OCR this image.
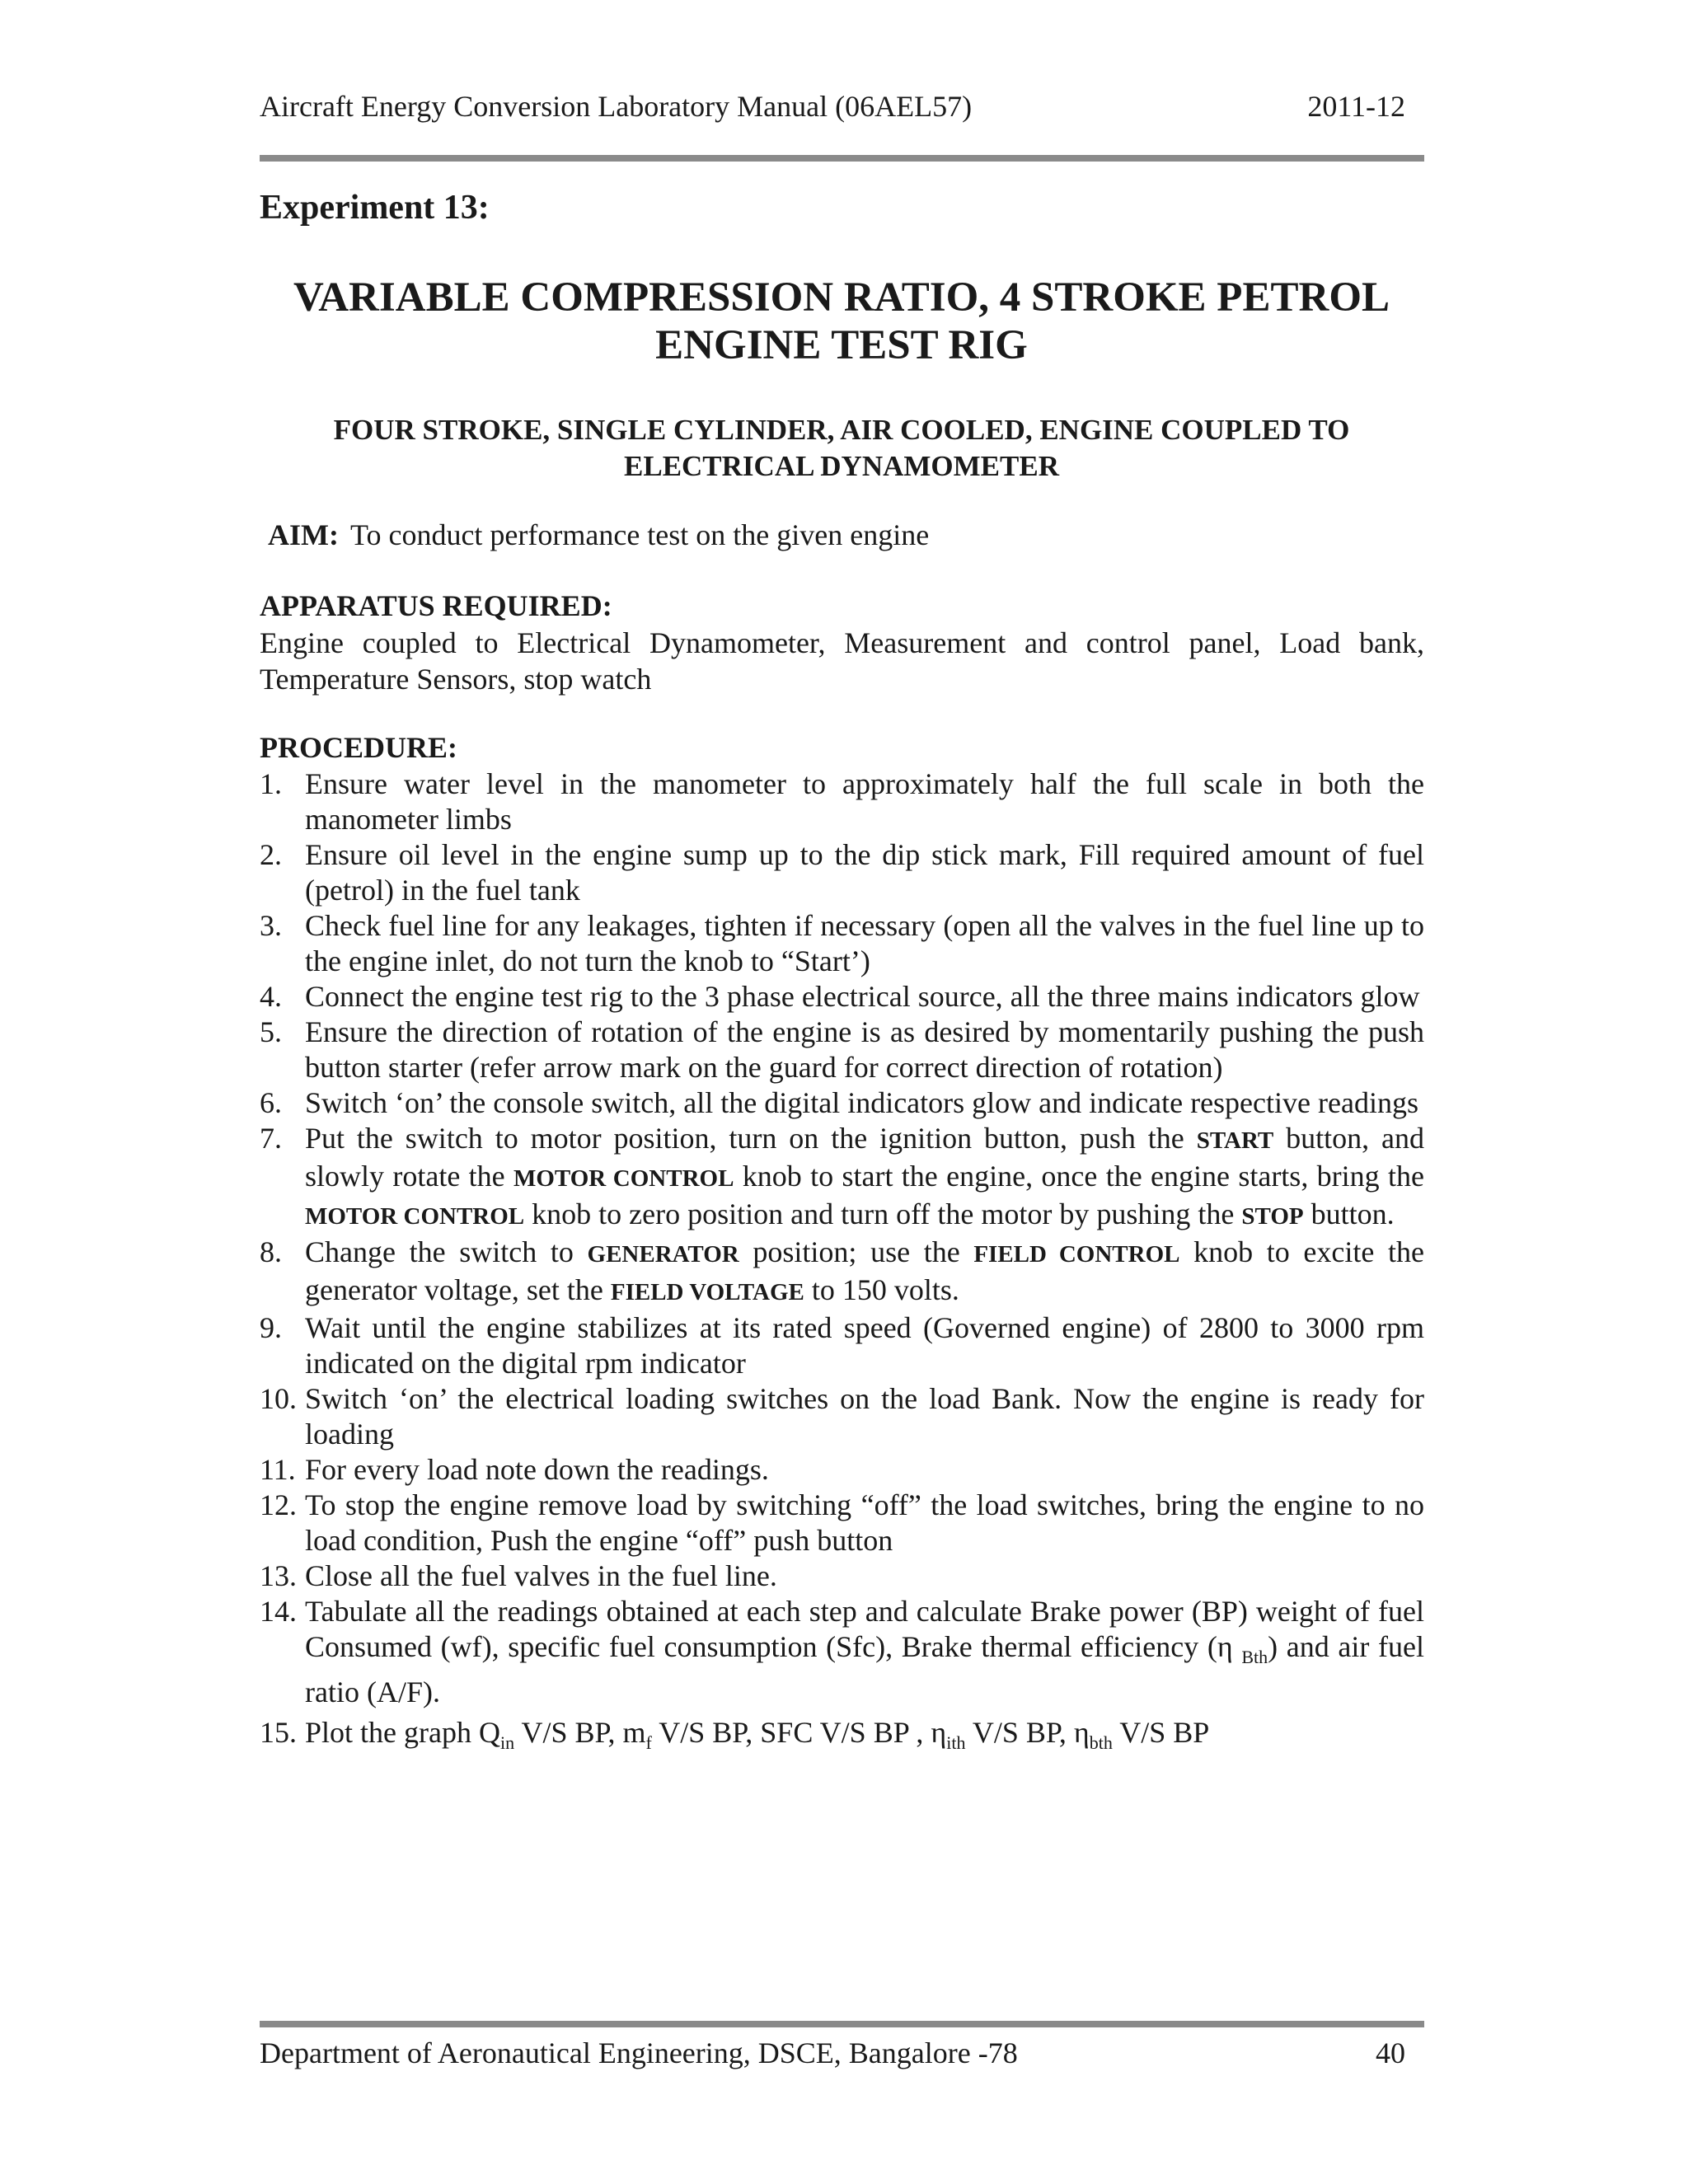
Aircraft Energy Conversion Laboratory Manual (06AEL57)	2011-12
Experiment 13:
VARIABLE COMPRESSION RATIO, 4 STROKE PETROL
ENGINE TEST RIG
FOUR STROKE, SINGLE CYLINDER, AIR COOLED, ENGINE COUPLED TO
ELECTRICAL DYNAMOMETER
AIM: To conduct performance test on the given engine
APPARATUS REQUIRED:
Engine coupled to Electrical Dynamometer, Measurement and control panel, Load bank, Temperature Sensors, stop watch
PROCEDURE:
1. Ensure water level in the manometer to approximately half the full scale in both the manometer limbs
2. Ensure oil level in the engine sump up to the dip stick mark, Fill required amount of fuel (petrol) in the fuel tank
3. Check fuel line for any leakages, tighten if necessary (open all the valves in the fuel line up to the engine inlet, do not turn the knob to “Start’)
4. Connect the engine test rig to the 3 phase electrical source, all the three mains indicators glow
5. Ensure the direction of rotation of the engine is as desired by momentarily pushing the push button starter (refer arrow mark on the guard for correct direction of rotation)
6. Switch ‘on’ the console switch, all the digital indicators glow and indicate respective readings
7. Put the switch to motor position, turn on the ignition button, push the START button, and slowly rotate the MOTOR CONTROL knob to start the engine, once the engine starts, bring the MOTOR CONTROL knob to zero position and turn off the motor by pushing the STOP button.
8. Change the switch to GENERATOR position; use the FIELD CONTROL knob to excite the generator voltage, set the FIELD VOLTAGE to 150 volts.
9. Wait until the engine stabilizes at its rated speed (Governed engine) of 2800 to 3000 rpm indicated on the digital rpm indicator
10. Switch ‘on’ the electrical loading switches on the load Bank. Now the engine is ready for loading
11. For every load note down the readings.
12. To stop the engine remove load by switching “off” the load switches, bring the engine to no load condition, Push the engine “off” push button
13. Close all the fuel valves in the fuel line.
14. Tabulate all the readings obtained at each step and calculate Brake power (BP) weight of fuel Consumed (wf), specific fuel consumption (Sfc), Brake thermal efficiency (η $_{Bth}$) and air fuel ratio (A/F).
15. Plot the graph $Q_{in}$ V/S BP, $m_f$ V/S BP, SFC V/S BP , $\eta_{ith}$ V/S BP, $\eta_{bth}$ V/S BP
Department of Aeronautical Engineering, DSCE, Bangalore -78	40
